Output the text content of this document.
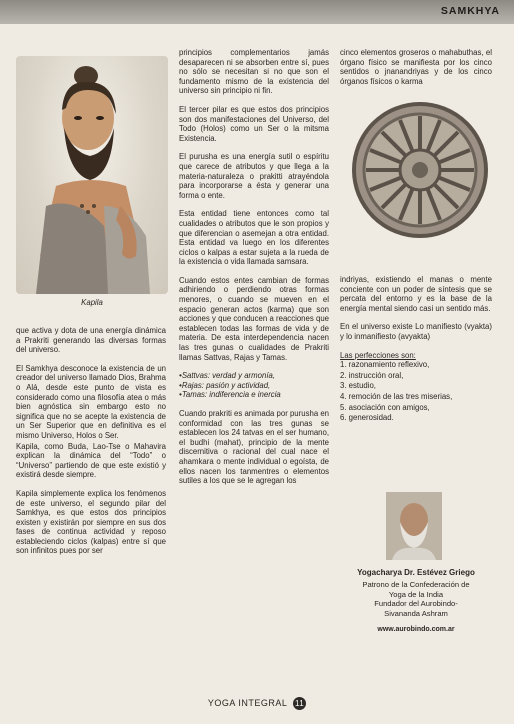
SAMKHYA
Kapila

que activa y dota de una energía dinámica a Prakriti generando las diversas formas del universo.

El Samkhya desconoce la existencia de un creador del universo llamado Dios, Brahma o Alá, desde este punto de vista es considerado como una filosofía atea o más bien agnóstica sin embargo esto no significa que no se acepte la existencia de un Ser Superior que en definitiva es el mismo Universo, Holos o Ser.

Kapila, como Buda, Lao-Tse o Mahavira explican la dinámica del “Todo” o “Universo” partiendo de que este existió y existirá desde siempre.

Kapila simplemente explica los fenómenos de este universo, el segundo pilar del Samkhya, es que estos dos principios existen y existirán por siempre en sus dos fases de continua actividad y reposo estableciendo ciclos (kalpas) entre sí que son infinitos pues por ser

principios complementarios jamás desaparecen ni se absorben entre sí, pues no sólo se necesitan si no que son el fundamento mismo de la existencia del universo sin principio ni fin.

El tercer pilar es que estos dos principios son dos manifestaciones del Universo, del Todo (Holos) como un Ser o la mitsma Existencia.

El purusha es una energía sutil o espíritu que carece de atributos y que llega a la materia-naturaleza o prakitti atrayéndola para incorporarse a ésta y generar una forma o ente.

Esta entidad tiene entonces como tal cualidades o atributos que le son propios y que diferencian o asemejan a otra entidad. Esta entidad va luego en los diferentes ciclos o kalpas a estar sujeta a la rueda de la existencia o vida llamada samsara.

Cuando estos entes cambian de formas adhiriendo o perdiendo otras formas menores, o cuando se mueven en el espacio generan actos (karma) que son acciones y que conducen a reacciones que establecen todas las formas de vida y de materia. De esta interdependencia nacen las tres gunas o cualidades de Prakriti llamas Sattvas, Rajas y Tamas.

• Sattvas: verdad y armonía,
• Rajas: pasión y actividad,
• Tamas: indiferencia e inercia

Cuando prakriti es animada por purusha en conformidad con las tres gunas se establecen los 24 tatvas en el ser humano, el budhi (mahat), principio de la mente discernitiva o racional del cual nace el ahamkara o mente individual o egoísta, de ellos nacen los tanmentres o elementos sutiles a los que se le agregan los

cinco elementos groseros o mahabuthas, el órgano físico se manifiesta por los cinco sentidos o jnanandriyas y de los cinco órganos físicos o karma

indriyas, existiendo el manas o mente conciente con un poder de síntesis que se percata del entorno y es la base de la energía mental siendo casi un sentido más.

En el universo existe Lo manifiesto (vyakta) y lo inmanifiesto (avyakta)

Las perfecciones son:
1. razonamiento reflexivo,
2. instrucción oral,
3. estudio,
4. remoción de las tres miserias,
5. asociación con amigos,
6. generosidad.
Yogacharya Dr. Estévez Griego
Patrono de la Confederación de
Yoga de la India
Fundador del Aurobindo-
Sivananda Ashram
www.aurobindo.com.ar
YOGA INTEGRAL 11
